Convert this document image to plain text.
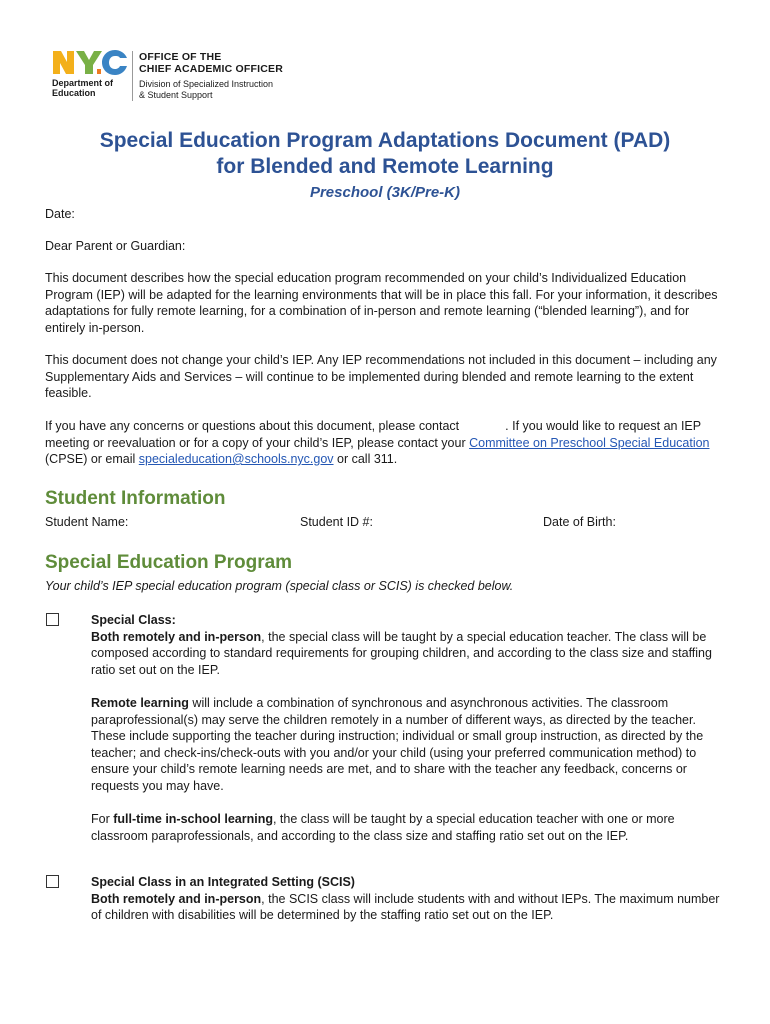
Department of
Education
OFFICE OF THE
CHIEF ACADEMIC OFFICER
Division of Specialized Instruction
& Student Support
Special Education Program Adaptations Document (PAD)
for Blended and Remote Learning
Preschool (3K/Pre-K)
Date:
Dear Parent or Guardian:
This document describes how the special education program recommended on your child’s Individualized Education Program (IEP) will be adapted for the learning environments that will be in place this fall. For your information, it describes adaptations for fully remote learning, for a combination of in-person and remote learning (“blended learning”), and for entirely in-person.
This document does not change your child’s IEP. Any IEP recommendations not included in this document – including any Supplementary Aids and Services – will continue to be implemented during blended and remote learning to the extent feasible.
If you have any concerns or questions about this document, please contact	. If you would like to request an IEP meeting or reevaluation or for a copy of your child’s IEP, please contact your Committee on Preschool Special Education (CPSE) or email specialeducation@schools.nyc.gov or call 311.
Student Information
Student Name:	Student ID #:	Date of Birth:
Special Education Program
Your child’s IEP special education program (special class or SCIS) is checked below.
Special Class:
Both remotely and in-person, the special class will be taught by a special education teacher. The class will be composed according to standard requirements for grouping children, and according to the class size and staffing ratio set out on the IEP.
Remote learning will include a combination of synchronous and asynchronous activities. The classroom paraprofessional(s) may serve the children remotely in a number of different ways, as directed by the teacher. These include supporting the teacher during instruction; individual or small group instruction, as directed by the teacher; and check-ins/check-outs with you and/or your child (using your preferred communication method) to ensure your child’s remote learning needs are met, and to share with the teacher any feedback, concerns or requests you may have.
For full-time in-school learning, the class will be taught by a special education teacher with one or more classroom paraprofessionals, and according to the class size and staffing ratio set out on the IEP.
Special Class in an Integrated Setting (SCIS)
Both remotely and in-person, the SCIS class will include students with and without IEPs. The maximum number of children with disabilities will be determined by the staffing ratio set out on the IEP.
